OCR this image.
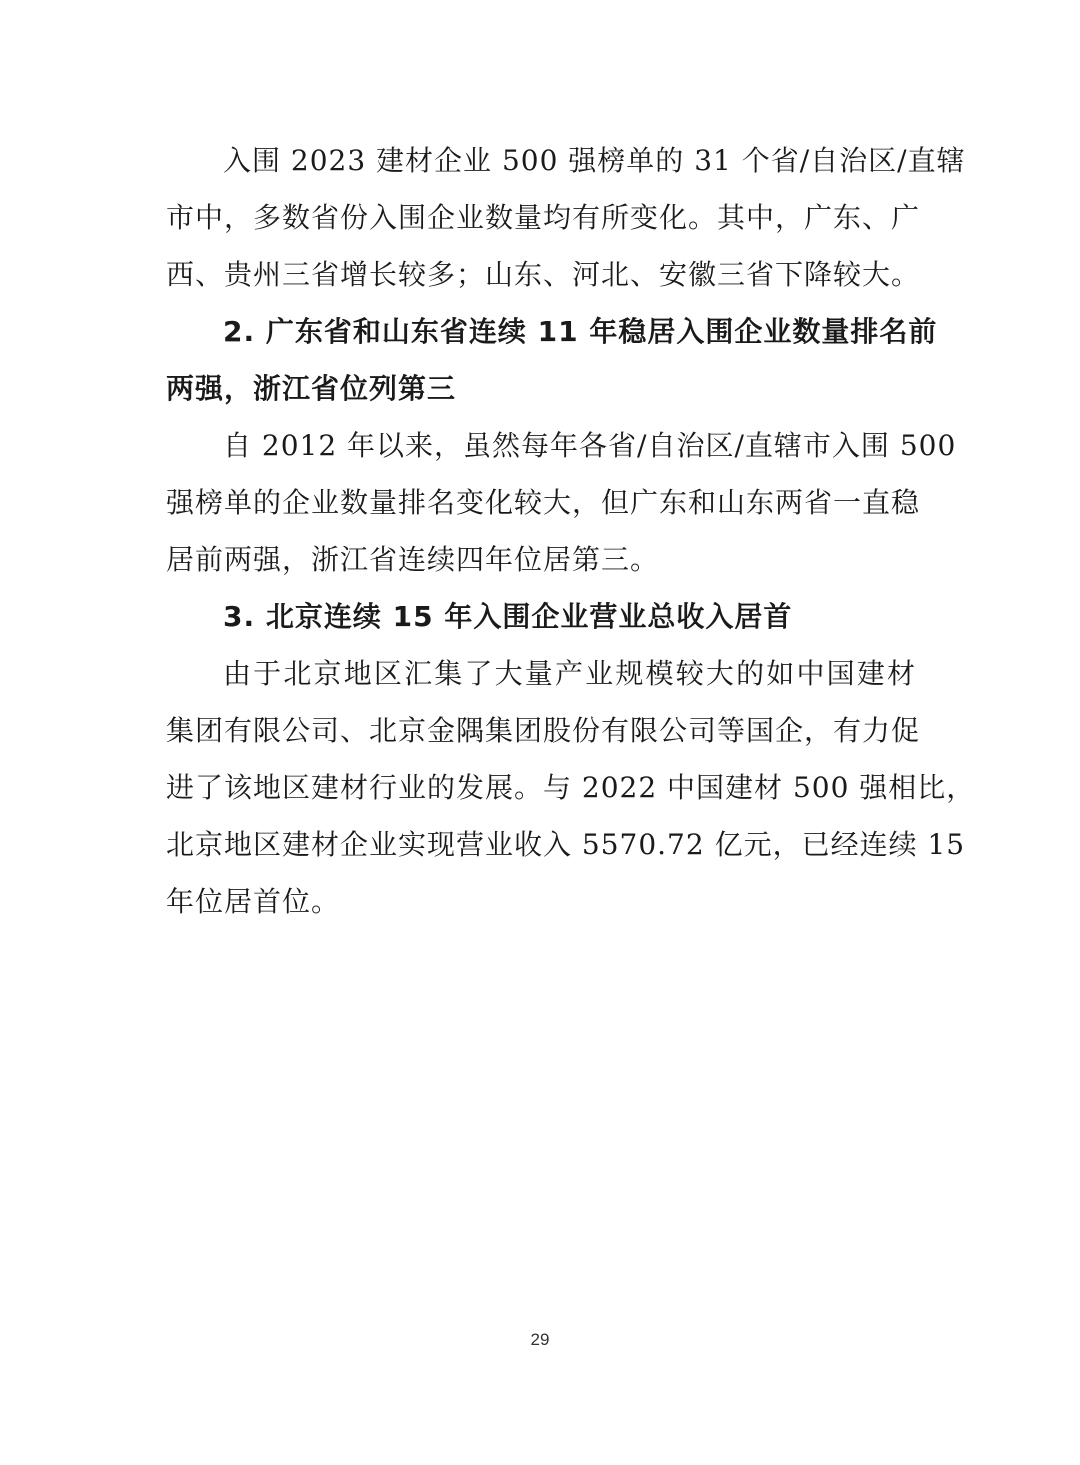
入围 2023 建材企业 500 强榜单的 31 个省/自治区/直辖
市中，多数省份入围企业数量均有所变化。其中，广东、广
西、贵州三省增长较多；山东、河北、安徽三省下降较大。
2. 广东省和山东省连续 11 年稳居入围企业数量排名前
两强，浙江省位列第三
自 2012 年以来，虽然每年各省/自治区/直辖市入围 500
强榜单的企业数量排名变化较大，但广东和山东两省一直稳
居前两强，浙江省连续四年位居第三。
3. 北京连续 15 年入围企业营业总收入居首
由于北京地区汇集了大量产业规模较大的如中国建材
集团有限公司、北京金隅集团股份有限公司等国企，有力促
进了该地区建材行业的发展。与 2022 中国建材 500 强相比，
北京地区建材企业实现营业收入 5570.72 亿元，已经连续 15
年位居首位。
29
